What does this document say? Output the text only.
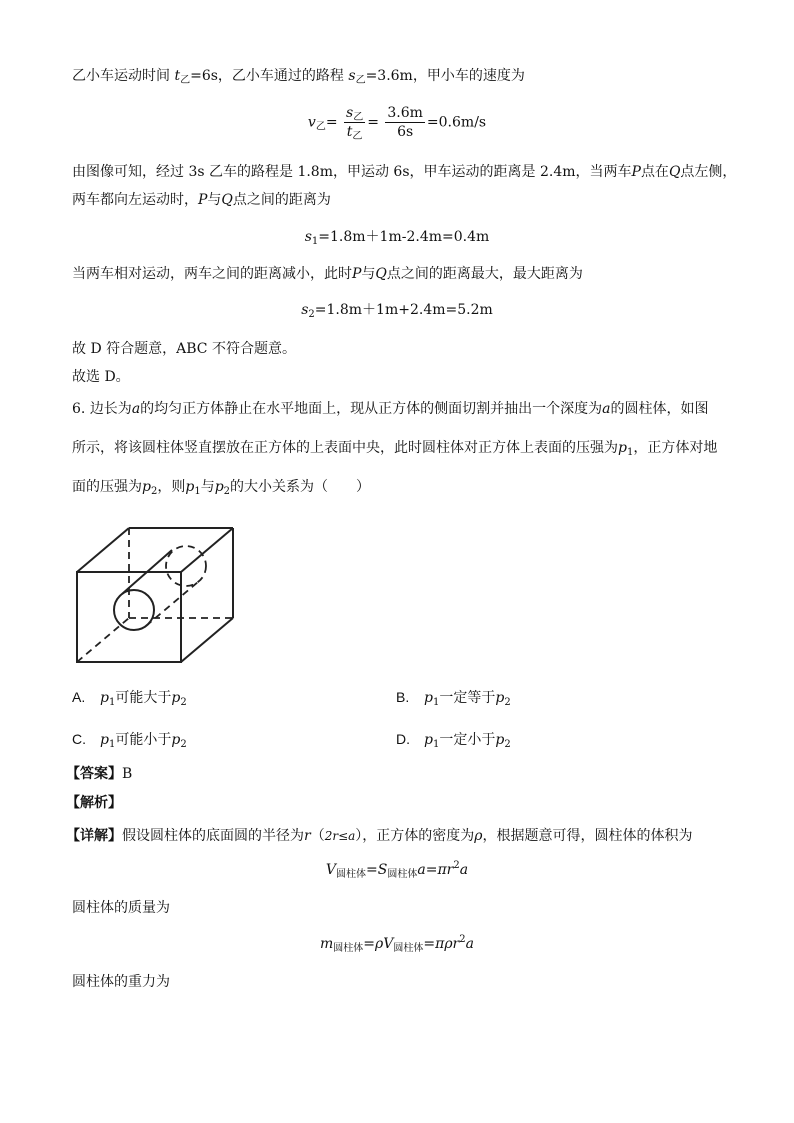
乙小车运动时间 $t_乙=6s$，乙小车通过的路程 $s_乙=3.6m$，甲小车的速度为
$v_乙= \frac{s_乙}{t_乙} = \frac{3.6m}{6s} =0.6m/s$
由图像可知，经过 3s 乙车的路程是 1.8m，甲运动 6s，甲车运动的距离是 2.4m，当两车P点在Q点左侧，
两车都向左运动时，P与Q点之间的距离为
$s_1=1.8m+1m-2.4m=0.4m$
当两车相对运动，两车之间的距离减小，此时P与Q点之间的距离最大，最大距离为
$s_2=1.8m+1m+2.4m=5.2m$
故 D 符合题意，ABC 不符合题意。
故选 D。
6. 边长为a的均匀正方体静止在水平地面上，现从正方体的侧面切割并抽出一个深度为a的圆柱体，如图
所示，将该圆柱体竖直摆放在正方体的上表面中央，此时圆柱体对正方体上表面的压强为$p_1$，正方体对地
面的压强为$p_2$，则$p_1$与$p_2$的大小关系为（　　）
A. $p_1$可能大于$p_2$	B. $p_1$一定等于$p_2$
C. $p_1$可能小于$p_2$	D. $p_1$一定小于$p_2$
【答案】B
【解析】
【详解】假设圆柱体的底面圆的半径为r（2r≤a），正方体的密度为ρ，根据题意可得，圆柱体的体积为
$V_{圆柱体}=S_{圆柱体}a=\pi r^2a$
圆柱体的质量为
$m_{圆柱体}=\rho V_{圆柱体}=\pi\rho r^2a$
圆柱体的重力为
